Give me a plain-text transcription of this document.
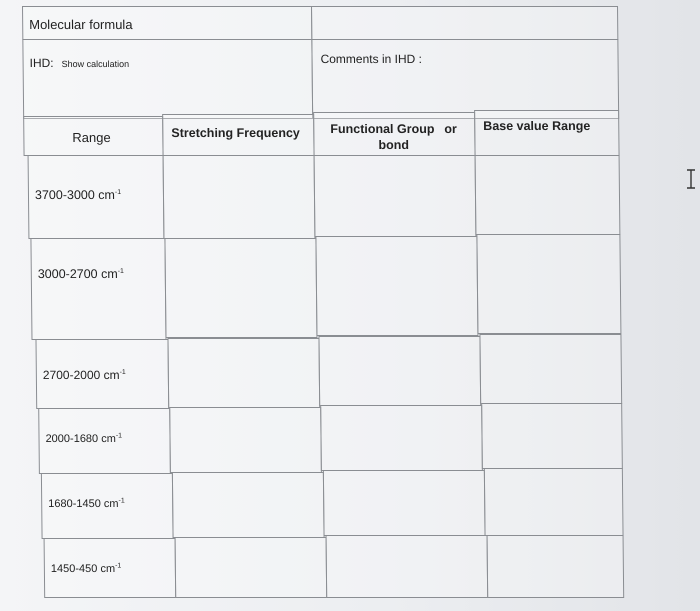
Molecular formula
IHD: Show calculation	Comments in IHD :
Range	Stretching Frequency Functional Group or
bond
Base value Range
3700-3000 $cm^{-1}$
3000-2700 $cm^{-1}$
2700-2000 $cm^{-1}$
2000-1680 $cm^{-1}$
1680-1450 $cm^{-1}$
1450-450 $cm^{-1}$
